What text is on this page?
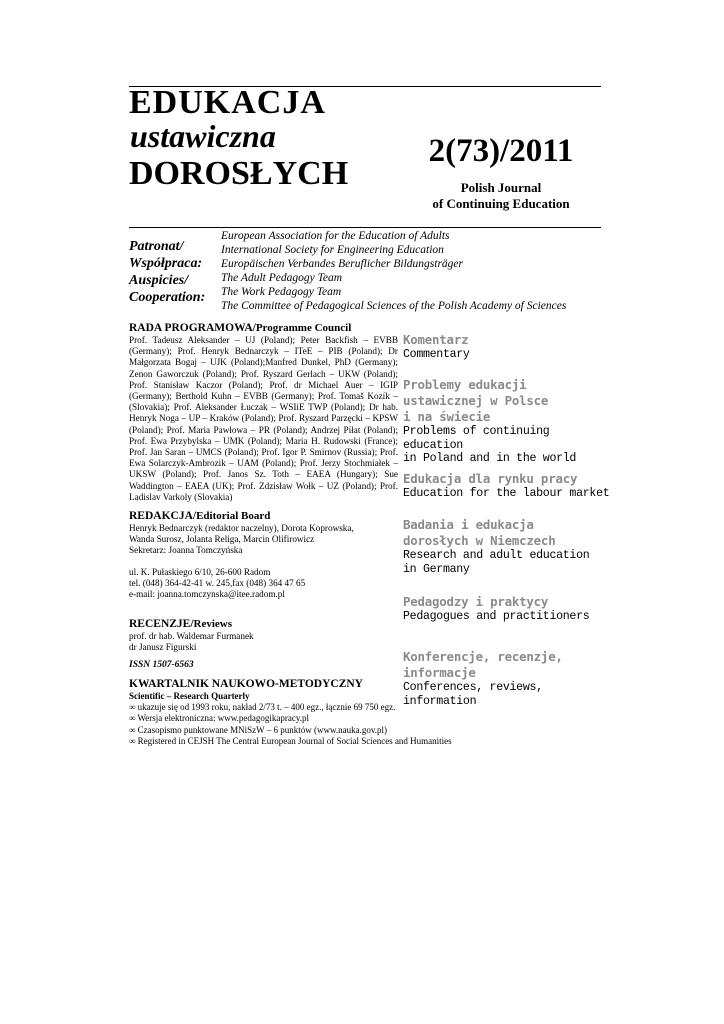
EDUKACJA
ustawiczna
DOROSŁYCH
2(73)/2011
Polish Journal
of Continuing Education
Patronat/
Współpraca:
Auspicies/
Cooperation:
European Association for the Education of Adults
International Society for Engineering Education
Europäischen Verbandes Beruflicher Bildungsträger
The Adult Pedagogy Team
The Work Pedagogy Team
The Committee of Pedagogical Sciences of the Polish Academy of Sciences

RADA PROGRAMOWA/Programme Council

Prof. Tadeusz Aleksander – UJ (Poland); Peter Backfish – EVBB (Germany); Prof. Henryk Bednarczyk – ITeE – PIB (Poland); Dr Małgorzata Bogaj – UJK (Poland);Manfred Dunkel, PhD (Germany); Zenon Gaworczuk (Poland); Prof. Ryszard Gerlach – UKW (Poland); Prof. Stanisław Kaczor (Poland); Prof. dr Michael Auer – IGIP (Germany); Berthold Kuhn – EVBB (Germany); Prof. Tomaš Kozík – (Slovakia); Prof. Aleksander Łuczak – WSIiE TWP (Poland); Dr hab. Henryk Noga – UP – Kraków (Poland); Prof. Ryszard Parzęcki – KPSW (Poland); Prof. Maria Pawłowa – PR (Poland); Andrzej Piłat (Poland); Prof. Ewa Przybylska – UMK (Poland); Maria H. Rudowski (France); Prof. Jan Saran – UMCS (Poland); Prof. Igor P. Smirnov (Russia); Prof. Ewa Solarczyk-Ambrozik – UAM (Poland); Prof. Jerzy Stochmiałek – UKSW (Poland); Prof. Janos Sz. Toth – EAEA (Hungary); Sue Waddington – EAEA (UK); Prof. Zdzisław Wołk – UZ (Poland); Prof. Ladislav Varkoly (Slovakia)

REDAKCJA/Editorial Board

Henryk Bednarczyk (redaktor naczelny), Dorota Koprowska,

Wanda Surosz, Jolanta Religa, Marcin Olifirowicz

Sekretarz: Joanna Tomczyńska

ul. K. Pułaskiego 6/10, 26-600 Radom

tel. (048) 364-42-41 w. 245,fax (048) 364 47 65

e-mail: joanna.tomczynska@itee.radom.pl

RECENZJE/Reviews

prof. dr hab. Waldemar Furmanek

dr Janusz Figurski

ISSN 1507-6563

KWARTALNIK NAUKOWO-METODYCZNY

Scientific – Research Quarterly

∞ ukazuje się od 1993 roku, nakład 2/73 t. – 400 egz., łącznie 69 750 egz.

∞ Wersja elektroniczna: www.pedagogikapracy.pl

∞ Czasopismo punktowane MNiSzW – 6 punktów (www.nauka.gov.pl)

∞ Registered in CEJSH The Central European Journal of Social Sciences and Humanities

Komentarz

Commentary

Problemy edukacji

ustawicznej w Polsce

i na świecie

Problems of continuing education

in Poland and in the world

Edukacja dla rynku pracy

Education for the labour market

Badania i edukacja

dorosłych w Niemczech

Research and adult education

in Germany

Pedagodzy i praktycy

Pedagogues and practitioners

Konferencje, recenzje,

informacje

Conferences, reviews,

information
